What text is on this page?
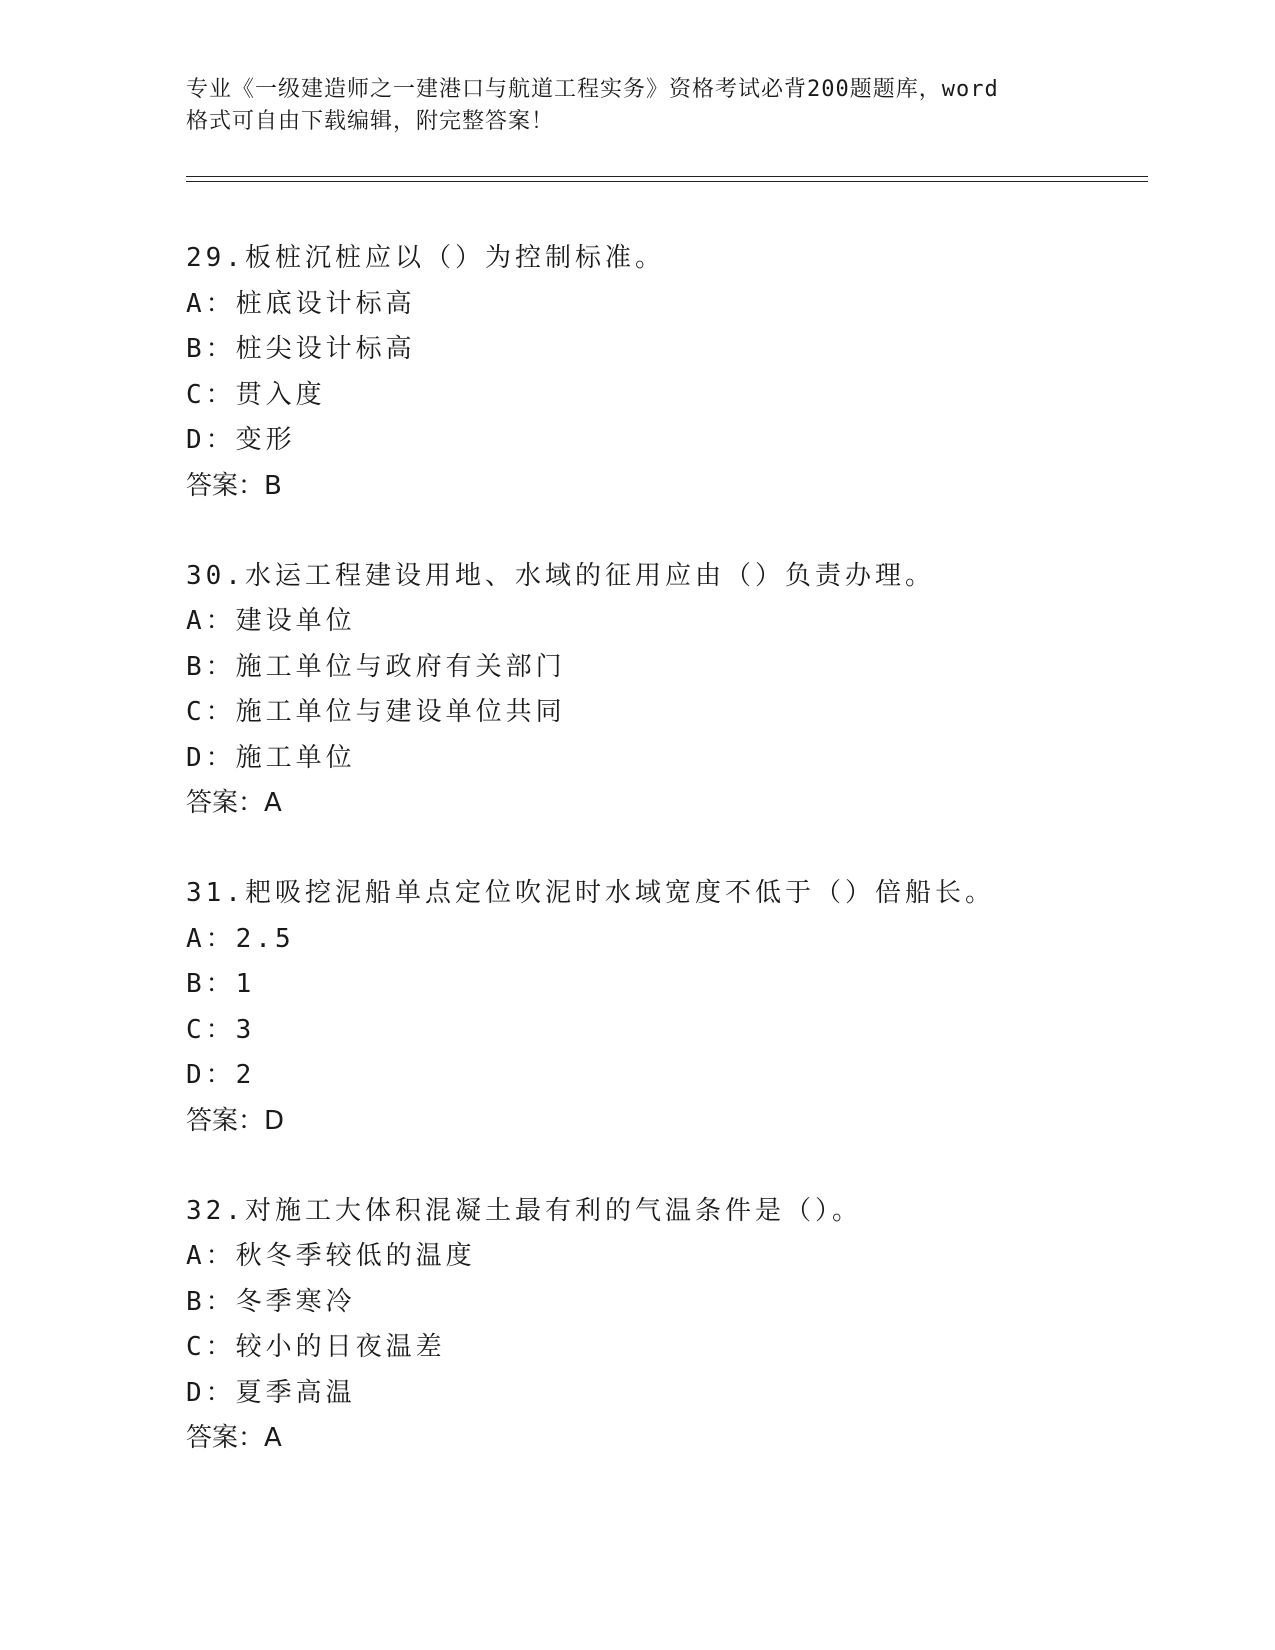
专业《一级建造师之一建港口与航道工程实务》资格考试必背200题题库，word
格式可自由下载编辑，附完整答案！
29.板桩沉桩应以（）为控制标准。
A：桩底设计标高
B：桩尖设计标高
C：贯入度
D：变形
答案：B
30.水运工程建设用地、水域的征用应由（）负责办理。
A：建设单位
B：施工单位与政府有关部门
C：施工单位与建设单位共同
D：施工单位
答案：A
31.耙吸挖泥船单点定位吹泥时水域宽度不低于（）倍船长。
A：2.5
B：1
C：3
D：2
答案：D
32.对施工大体积混凝土最有利的气温条件是（）。
A：秋冬季较低的温度
B：冬季寒冷
C：较小的日夜温差
D：夏季高温
答案：A
